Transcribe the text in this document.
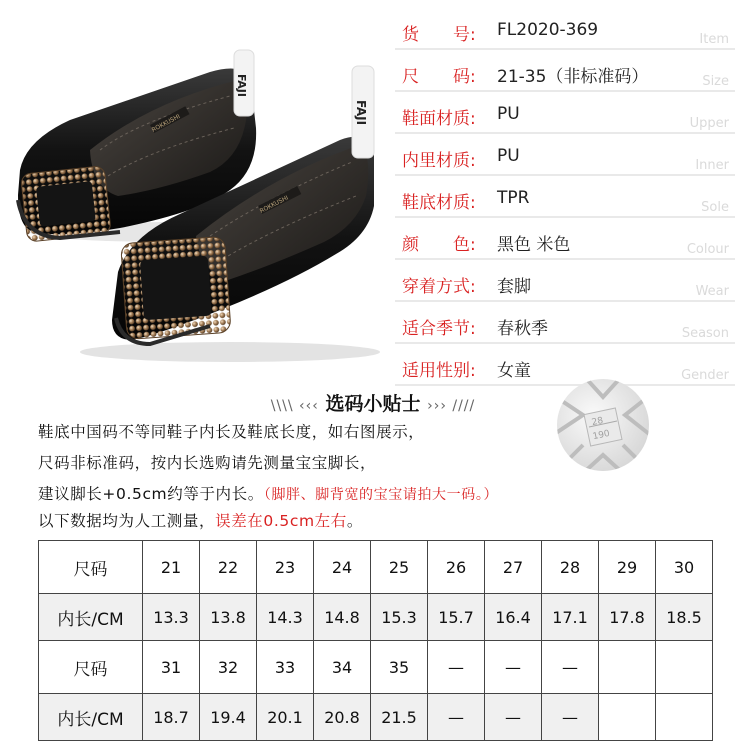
ROKKUSHI
FAJI
ROKKUSHI
FAJI
货　　号:	FL2020-369	Item
尺　　码:	21-35（非标准码）	Size
鞋面材质:	PU	Upper
内里材质:	PU	Inner
鞋底材质:	TPR	Sole
颜　　色:	黑色 米色	Colour
穿着方式:	套脚	Wear
适合季节:	春秋季	Season
适用性别:	女童	Gender
\\\\ ‹‹‹ 选码小贴士 ››› ////
鞋底中国码不等同鞋子内长及鞋底长度，如右图展示，
尺码非标准码，按内长选购请先测量宝宝脚长，
建议脚长+0.5cm约等于内长。（脚胖、脚背宽的宝宝请拍大一码。）
以下数据均为人工测量，误差在0.5cm左右。
28
190
尺码	21	22	23	24	25	26	27	28	29	30
内长/CM	13.3	13.8	14.3	14.8	15.3	15.7	16.4	17.1	17.8	18.5
尺码	31	32	33	34	35	—	—	—		
内长/CM	18.7	19.4	20.1	20.8	21.5	—	—	—		
